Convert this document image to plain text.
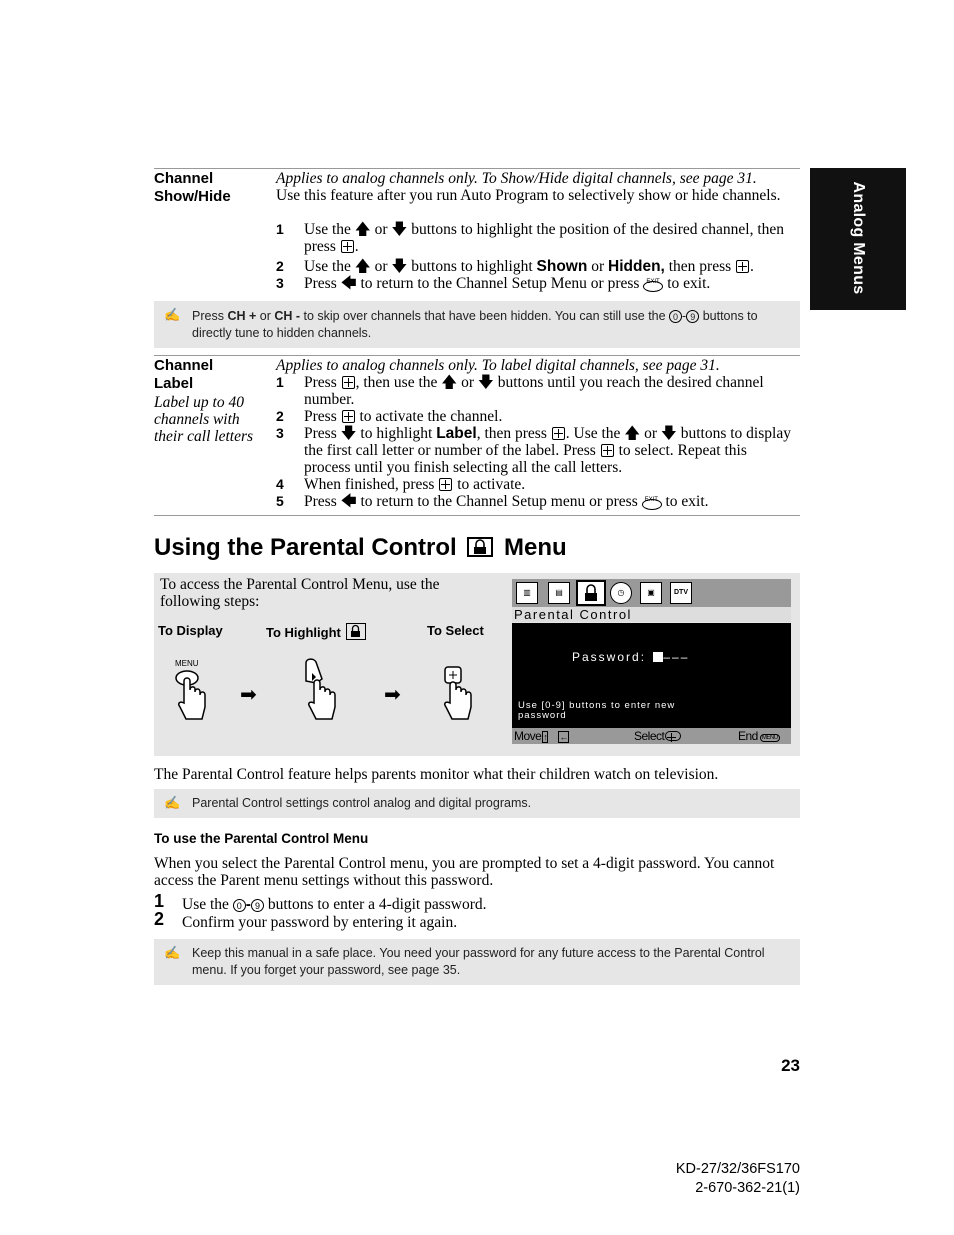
Analog Menus
Channel
Show/Hide
Applies to analog channels only. To Show/Hide digital channels, see page 31.
Use this feature after you run Auto Program to selectively show or hide channels.
1 Use the 🡅 or 🡇 buttons to highlight the position of the desired channel, then press .
2 Use the 🡅 or 🡇 buttons to highlight Shown or Hidden, then press .
3 Press 🡄 to return to the Channel Setup Menu or press EXIT to exit.
✍ Press CH + or CH - to skip over channels that have been hidden. You can still use the 0 - 9 buttons to directly tune to hidden channels.
Channel
Label
Label up to 40 channels with their call letters
Applies to analog channels only. To label digital channels, see page 31.
1 Press , then use the 🡅 or 🡇 buttons until you reach the desired channel number.
2 Press  to activate the channel.
3 Press 🡇 to highlight Label, then press . Use the 🡅 or 🡇 buttons to display the first call letter or number of the label. Press  to select. Repeat this process until you finish selecting all the call letters.
4 When finished, press  to activate.
5 Press 🡄 to return to the Channel Setup menu or press EXIT to exit.
Using the Parental Control Menu
To access the Parental Control Menu, use the following steps:
To Display	To Highlight	To Select
MENU
➡	➡
▥	▤	◷	▣	DTV
Parental Control
Password: –––
Use [0-9] buttons to enter new password
Move ↑ ←	Select	End MENU
The Parental Control feature helps parents monitor what their children watch on television.
✍ Parental Control settings control analog and digital programs.
To use the Parental Control Menu
When you select the Parental Control menu, you are prompted to set a 4-digit password. You cannot access the Parent menu settings without this password.
1 Use the 0 - 9 buttons to enter a 4-digit password.
2 Confirm your password by entering it again.
✍ Keep this manual in a safe place. You need your password for any future access to the Parental Control menu. If you forget your password, see page 35.
23
KD-27/32/36FS170
2-670-362-21(1)
